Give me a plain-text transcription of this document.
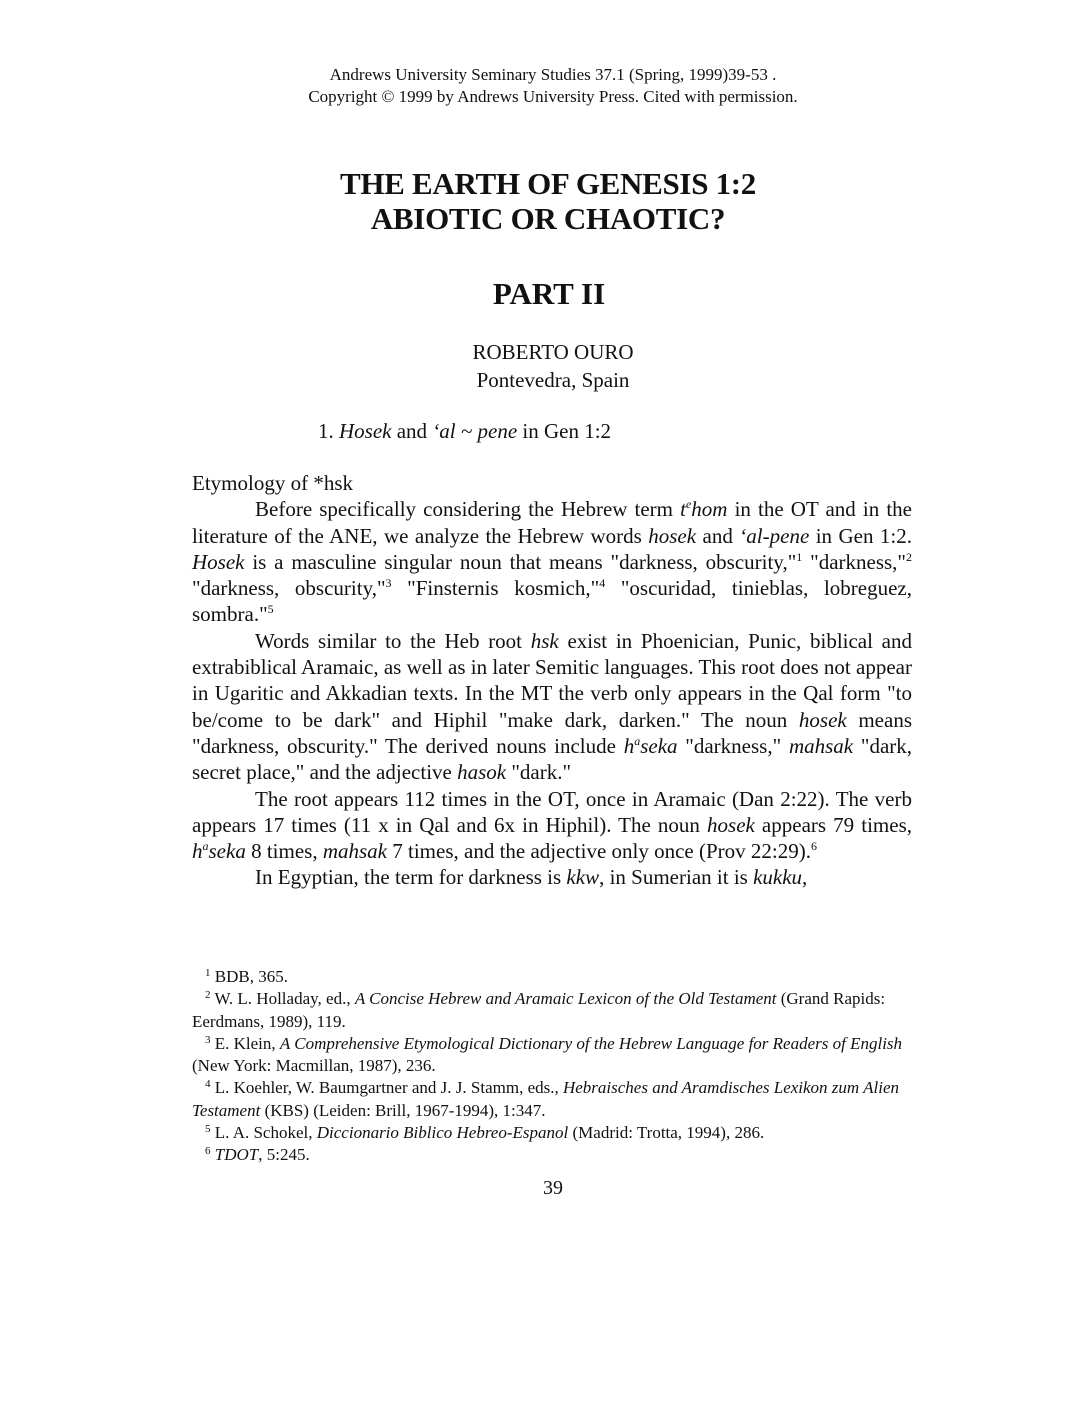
Andrews University Seminary Studies 37.1 (Spring, 1999)39-53 .
Copyright © 1999 by Andrews University Press. Cited with permission.
THE EARTH OF GENESIS 1:2
ABIOTIC OR CHAOTIC?
PART II
ROBERTO OURO
Pontevedra, Spain
1. Hosek and ‘al ~ pene in Gen 1:2

Etymology of *hsk

Before specifically considering the Hebrew term $t^ehom$ in the OT and in the literature of the ANE, we analyze the Hebrew words hosek and ‘al-pene in Gen 1:2. Hosek is a masculine singular noun that means "darkness, obscurity,"$^1$ "darkness,"$^2$ "darkness, obscurity,"$^3$ "Finsternis kosmich,"$^4$ "oscuridad, tinieblas, lobreguez, sombra."$^5$

Words similar to the Heb root hsk exist in Phoenician, Punic, biblical and extrabiblical Aramaic, as well as in later Semitic languages. This root does not appear in Ugaritic and Akkadian texts. In the MT the verb only appears in the Qal form "to be/come to be dark" and Hiphil "make dark, darken." The noun hosek means "darkness, obscurity." The derived nouns include $h^aseka$ "darkness," mahsak "dark, secret place," and the adjective hasok "dark."

The root appears 112 times in the OT, once in Aramaic (Dan 2:22). The verb appears 17 times (11 x in Qal and 6x in Hiphil). The noun hosek appears 79 times, $h^aseka$ 8 times, mahsak 7 times, and the adjective only once (Prov 22:29).$^6$

In Egyptian, the term for darkness is kkw, in Sumerian it is kukku,

$^1$ BDB, 365.

$^2$ W. L. Holladay, ed., A Concise Hebrew and Aramaic Lexicon of the Old Testament (Grand Rapids: Eerdmans, 1989), 119.

$^3$ E. Klein, A Comprehensive Etymological Dictionary of the Hebrew Language for Readers of English (New York: Macmillan, 1987), 236.

$^4$ L. Koehler, W. Baumgartner and J. J. Stamm, eds., Hebraisches and Aramdisches Lexikon zum Alien Testament (KBS) (Leiden: Brill, 1967-1994), 1:347.

$^5$ L. A. Schokel, Diccionario Biblico Hebreo-Espanol (Madrid: Trotta, 1994), 286.

$^6$ TDOT, 5:245.

39
